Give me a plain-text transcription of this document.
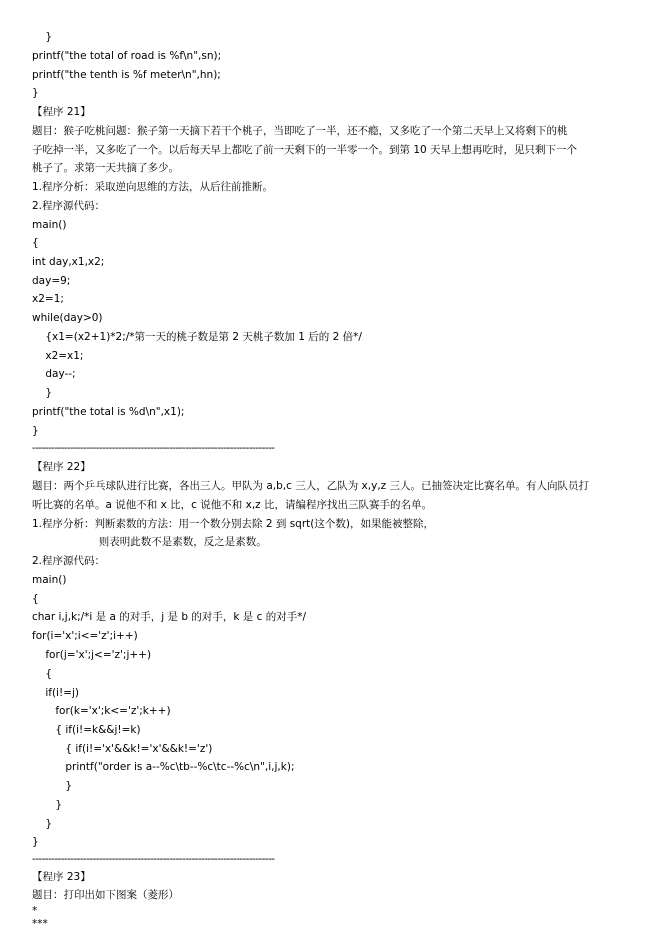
}
printf("the total of road is %f\n",sn);
printf("the tenth is %f meter\n",hn);
}
【程序 21】
题目：猴子吃桃问题：猴子第一天摘下若干个桃子，当即吃了一半，还不瘾，又多吃了一个第二天早上又将剩下的桃
子吃掉一半，又多吃了一个。以后每天早上都吃了前一天剩下的一半零一个。到第 10 天早上想再吃时，见只剩下一个
桃子了。求第一天共摘了多少。
1.程序分析：采取逆向思维的方法，从后往前推断。
2.程序源代码：
main()
{
int day,x1,x2;
day=9;
x2=1;
while(day>0)
{x1=(x2+1)*2;/*第一天的桃子数是第 2 天桃子数加 1 后的 2 倍*/
x2=x1;
day--;
}
printf("the total is %d\n",x1);
}
----------------------------------------------------------------------------
【程序 22】
题目：两个乒乓球队进行比赛，各出三人。甲队为 a,b,c 三人，乙队为 x,y,z 三人。已抽签决定比赛名单。有人向队员打
听比赛的名单。a 说他不和 x 比，c 说他不和 x,z 比，请编程序找出三队赛手的名单。
1.程序分析：判断素数的方法：用一个数分别去除 2 到 sqrt(这个数)，如果能被整除，
则表明此数不是素数，反之是素数。
2.程序源代码：
main()
{
char i,j,k;/*i 是 a 的对手，j 是 b 的对手，k 是 c 的对手*/
for(i='x';i<='z';i++)
for(j='x';j<='z';j++)
{
if(i!=j)
for(k='x';k<='z';k++)
{ if(i!=k&&j!=k)
{ if(i!='x'&&k!='x'&&k!='z')
printf("order is a--%c\tb--%c\tc--%c\n",i,j,k);
}
}
}
}
----------------------------------------------------------------------------
【程序 23】
题目：打印出如下图案（菱形）
*
***
